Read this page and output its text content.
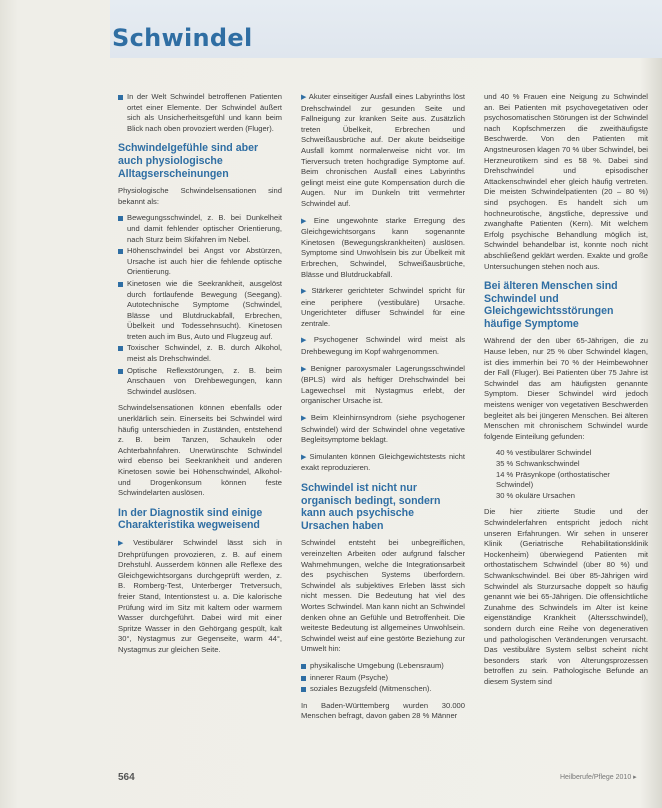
Schwindel
In der Welt Schwindel betroffenen Patienten ortet einer Elemente. Der Schwindel äußert sich als Unsicherheitsgefühl und kann beim Blick nach oben provoziert werden (Fluger).
Schwindelgefühle sind aber auch physiologische Alltagserscheinungen

Physiologische Schwindelsensationen sind bekannt als:

Bewegungsschwindel, z. B. bei Dunkelheit und damit fehlender optischer Orientierung, nach Sturz beim Skifahren im Nebel.
Höhenschwindel bei Angst vor Abstürzen, Ursache ist auch hier die fehlende optische Orientierung.
Kinetosen wie die Seekrankheit, ausgelöst durch fortlaufende Bewegung (Seegang). Autotechnische Symptome (Schwindel, Blässe und Blutdruckabfall, Erbrechen, Übelkeit und Todessehnsucht). Kinetosen treten auch im Bus, Auto und Flugzeug auf.
Toxischer Schwindel, z. B. durch Alkohol, meist als Drehschwindel.
Optische Reflexstörungen, z. B. beim Anschauen von Drehbewegungen, kann Schwindel auslösen.

Schwindelsensationen können ebenfalls oder unerklärlich sein. Einerseits bei Schwindel wird häufig unterschieden in Zuständen, entstehend z. B. beim Tanzen, Schaukeln oder Achterbahnfahren. Unerwünschte Schwindel wird ebenso bei Seekrankheit und anderen Kinetosen sowie bei Höhenschwindel, Alkohol- und Drogenkonsum können feste Schwindelarten auslösen.

In der Diagnostik sind einige Charakteristika wegweisend

▶ Vestibulärer Schwindel lässt sich in Drehprüfungen provozieren, z. B. auf einem Drehstuhl. Ausserdem können alle Reflexe des Gleichgewichtsorgans durchgeprüft werden, z. B. Romberg-Test, Unterberger Tretversuch, freier Stand, Intentionstest u. a. Die kalorische Prüfung wird im Sitz mit kaltem oder warmem Wasser durchgeführt. Dabei wird mit einer Spritze Wasser in den Gehörgang gespült, kalt 30°, Nystagmus zur Gegenseite, warm 44°, Nystagmus zur gleichen Seite.

▶ Akuter einseitiger Ausfall eines Labyrinths löst Drehschwindel zur gesunden Seite und Fallneigung zur kranken Seite aus. Zusätzlich treten Übelkeit, Erbrechen und Schweißausbrüche auf. Der akute beidseitige Ausfall kommt normalerweise nicht vor. Im Tierversuch treten hochgradige Symptome auf. Beim chronischen Ausfall eines Labyrinths gelingt meist eine gute Kompensation durch die Augen. Nur im Dunkeln tritt vermehrter Schwindel auf.

▶ Eine ungewohnte starke Erregung des Gleichgewichtsorgans kann sogenannte Kinetosen (Bewegungskrankheiten) auslösen. Symptome sind Unwohlsein bis zur Übelkeit mit Erbrechen, Schwindel, Schweißausbrüche, Blässe und Blutdruckabfall.

▶ Stärkerer gerichteter Schwindel spricht für eine periphere (vestibuläre) Ursache. Ungerichteter diffuser Schwindel für eine zentrale.

▶ Psychogener Schwindel wird meist als Drehbewegung im Kopf wahrgenommen.

▶ Benigner paroxysmaler Lagerungsschwindel (BPLS) wird als heftiger Drehschwindel bei Lagewechsel mit Nystagmus erlebt, der organischer Ursache ist.

▶ Beim Kleinhirnsyndrom (siehe psychogener Schwindel) wird der Schwindel ohne vegetative Begleitsymptome beklagt.

▶ Simulanten können Gleichgewichtstests nicht exakt reproduzieren.

Schwindel ist nicht nur organisch bedingt, sondern kann auch psychische Ursachen haben

Schwindel entsteht bei unbegreiflichen, vereinzelten Arbeiten oder aufgrund falscher Wahrnehmungen, welche die Integrationsarbeit des psychischen Systems überfordern. Schwindel als subjektives Erleben lässt sich nicht messen. Die Bedeutung hat viel des Wortes Schwindel. Man kann nicht an Schwindel denken ohne an Gefühle und Betroffenheit. Die weiteste Bedeutung ist allgemeines Unwohlsein. Schwindel weist auf eine gestörte Beziehung zur Umwelt hin:

physikalische Umgebung (Lebensraum)
innerer Raum (Psyche)
soziales Bezugsfeld (Mitmenschen).

In Baden-Württemberg wurden 30.000 Menschen befragt, davon gaben 28 % Männer

und 40 % Frauen eine Neigung zu Schwindel an. Bei Patienten mit psychovegetativen oder psychosomatischen Störungen ist der Schwindel nach Kopfschmerzen die zweithäufigste Beschwerde. Von den Patienten mit Angstneurosen klagen 70 % über Schwindel, bei Herzneurotikern sind es 58 %. Dabei sind Drehschwindel und episodischer Attackenschwindel eher gleich häufig vertreten. Die meisten Schwindelpatienten (20 – 80 %) sind psychogen. Es handelt sich um hochneurotische, ängstliche, depressive und zwanghafte Patienten (Kern). Mit welchem Erfolg psychische Behandlung möglich ist, Schwindel behandelbar ist, konnte noch nicht abschließend geklärt werden. Exakte und große Untersuchungen stehen noch aus.

Bei älteren Menschen sind Schwindel und Gleichgewichtsstörungen häufige Symptome

Während der den über 65-Jährigen, die zu Hause leben, nur 25 % über Schwindel klagen, ist dies immerhin bei 70 % der Heimbewohner der Fall (Fluger). Bei Patienten über 75 Jahre ist Schwindel das am häufigsten genannte Symptom. Dieser Schwindel wird jedoch meistens weniger von vegetativen Beschwerden begleitet als bei jüngeren Menschen. Bei älteren Menschen mit chronischem Schwindel wurde folgende Einteilung gefunden:

40 % vestibulärer Schwindel
35 % Schwankschwindel
14 % Präsynkope (orthostatischer Schwindel)
30 % okuläre Ursachen

Die hier zitierte Studie und der Schwindelerfahren entspricht jedoch nicht unseren Erfahrungen. Wir sehen in unserer Klinik (Geriatrische Rehabilitationsklinik Hockenheim) überwiegend Patienten mit orthostatischem Schwindel (über 80 %) und Schwankschwindel. Bei über 85-Jährigen wird Schwindel als Sturzursache doppelt so häufig genannt wie bei 65-Jährigen. Die offensichtliche Zunahme des Schwindels im Alter ist keine eigenständige Krankheit (Altersschwindel), sondern durch eine Reihe von degenerativen und pathologischen Veränderungen verursacht. Das vestibuläre System selbst scheint nicht besonders stark von Alterungsprozessen betroffen zu sein. Pathologische Befunde an diesem System sind

564	Heilberufe/Pflege 2010 ▸
